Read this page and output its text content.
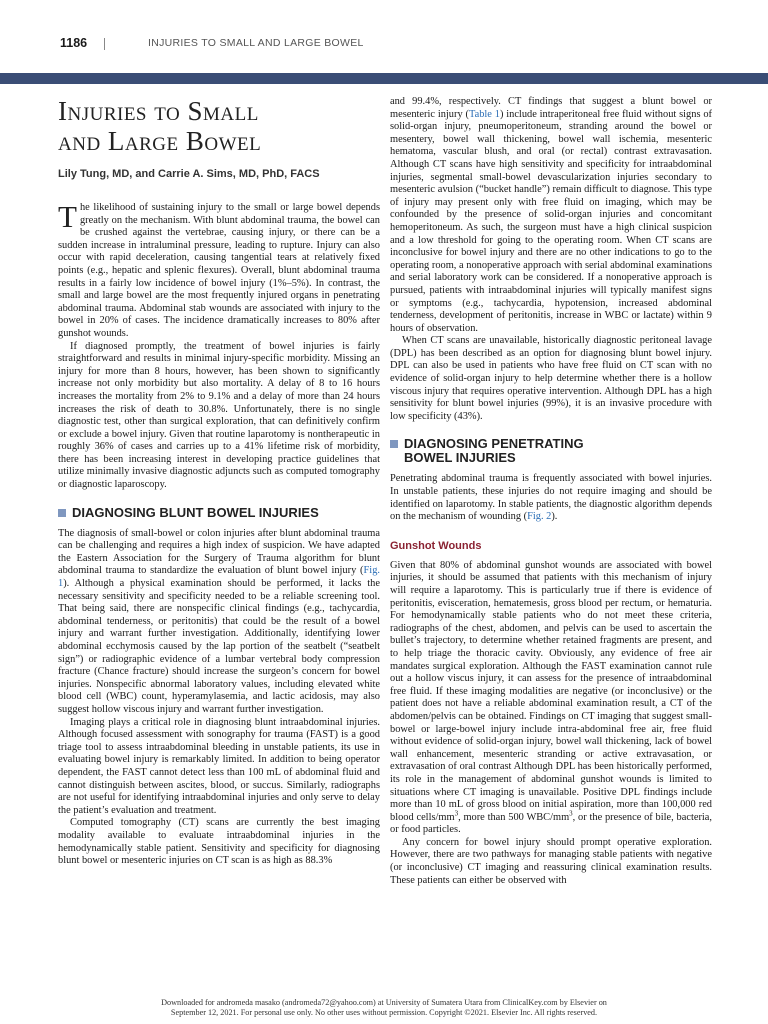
1186	INJURIES TO SMALL AND LARGE BOWEL
Injuries to Small
and Large Bowel
Lily Tung, MD, and Carrie A. Sims, MD, PhD, FACS

The likelihood of sustaining injury to the small or large bowel depends greatly on the mechanism. With blunt abdominal trauma, the bowel can be crushed against the vertebrae, causing injury, or there can be a sudden increase in intraluminal pressure, leading to rupture. Injury can also occur with rapid deceleration, causing tangential tears at relatively fixed points (e.g., hepatic and splenic flexures). Overall, blunt abdominal trauma results in a fairly low incidence of bowel injury (1%–5%). In contrast, the small and large bowel are the most frequently injured organs in penetrating abdominal trauma. Abdominal stab wounds are associated with injury to the bowel in 20% of cases. The incidence dramatically increases to 80% after gunshot wounds.

If diagnosed promptly, the treatment of bowel injuries is fairly straightforward and results in minimal injury-specific morbidity. Missing an injury for more than 8 hours, however, has been shown to significantly increase not only morbidity but also mortality. A delay of 8 to 16 hours increases the mortality from 2% to 9.1% and a delay of more than 24 hours increases the risk of death to 30.8%. Unfortunately, there is no single diagnostic test, other than surgical exploration, that can definitively confirm or exclude a bowel injury. Given that routine laparotomy is nontherapeutic in roughly 36% of cases and carries up to a 41% lifetime risk of morbidity, there has been increasing interest in developing practice guidelines that utilize minimally invasive diagnostic adjuncts such as computed tomography or diagnostic laparoscopy.

DIAGNOSING BLUNT BOWEL INJURIES

The diagnosis of small-bowel or colon injuries after blunt abdominal trauma can be challenging and requires a high index of suspicion. We have adapted the Eastern Association for the Surgery of Trauma algorithm for blunt abdominal trauma to standardize the evaluation of blunt bowel injury (Fig. 1). Although a physical examination should be performed, it lacks the necessary sensitivity and specificity needed to be a reliable screening tool. That being said, there are nonspecific clinical findings (e.g., tachycardia, abdominal tenderness, or peritonitis) that could be the result of a bowel injury and warrant further investigation. Additionally, identifying lower abdominal ecchymosis caused by the lap portion of the seatbelt (“seatbelt sign”) or radiographic evidence of a lumbar vertebral body compression fracture (Chance fracture) should increase the surgeon’s concern for bowel injuries. Nonspecific abnormal laboratory values, including elevated white blood cell (WBC) count, hyperamylasemia, and lactic acidosis, may also suggest hollow viscous injury and warrant further investigation.

Imaging plays a critical role in diagnosing blunt intraabdominal injuries. Although focused assessment with sonography for trauma (FAST) is a good triage tool to assess intraabdominal bleeding in unstable patients, its use in evaluating bowel injury is remarkably limited. In addition to being operator dependent, the FAST cannot detect less than 100 mL of abdominal fluid and cannot distinguish between ascites, blood, or succus. Similarly, radiographs are not useful for identifying intraabdominal injuries and only serve to delay the patient’s evaluation and treatment.

Computed tomography (CT) scans are currently the best imaging modality available to evaluate intraabdominal injuries in the hemodynamically stable patient. Sensitivity and specificity for diagnosing blunt bowel or mesenteric injuries on CT scan is as high as 88.3%

and 99.4%, respectively. CT findings that suggest a blunt bowel or mesenteric injury (Table 1) include intraperitoneal free fluid without signs of solid-organ injury, pneumoperitoneum, stranding around the bowel or mesentery, bowel wall thickening, bowel wall ischemia, mesenteric hematoma, vascular blush, and oral (or rectal) contrast extravasation. Although CT scans have high sensitivity and specificity for intraabdominal injuries, segmental small-bowel devascularization injuries secondary to mesenteric avulsion (“bucket handle”) remain difficult to diagnose. This type of injury may present only with free fluid on imaging, which may be confounded by the presence of solid-organ injuries and concomitant hemoperitoneum. As such, the surgeon must have a high clinical suspicion and a low threshold for going to the operating room. When CT scans are inconclusive for bowel injury and there are no other indications to go to the operating room, a nonoperative approach with serial abdominal examinations and serial laboratory work can be considered. If a nonoperative approach is pursued, patients with intraabdominal injuries will typically manifest signs or symptoms (e.g., tachycardia, hypotension, increased abdominal tenderness, development of peritonitis, increase in WBC or lactate) within 9 hours of observation.

When CT scans are unavailable, historically diagnostic peritoneal lavage (DPL) has been described as an option for diagnosing blunt bowel injury. DPL can also be used in patients who have free fluid on CT scan with no evidence of solid-organ injury to help determine whether there is a hollow viscous injury that requires operative intervention. Although DPL has a high sensitivity for blunt bowel injuries (99%), it is an invasive procedure with low specificity (43%).

DIAGNOSING PENETRATING
BOWEL INJURIES

Penetrating abdominal trauma is frequently associated with bowel injuries. In unstable patients, these injuries do not require imaging and should be identified on laparotomy. In stable patients, the diagnostic algorithm depends on the mechanism of wounding (Fig. 2).

Gunshot Wounds

Given that 80% of abdominal gunshot wounds are associated with bowel injuries, it should be assumed that patients with this mechanism of injury will require a laparotomy. This is particularly true if there is evidence of peritonitis, evisceration, hematemesis, gross blood per rectum, or hematuria. For hemodynamically stable patients who do not meet these criteria, radiographs of the chest, abdomen, and pelvis can be used to ascertain the bullet’s trajectory, to determine whether retained fragments are present, and to help triage the thoracic cavity. Obviously, any evidence of free air mandates surgical exploration. Although the FAST examination cannot rule out a hollow viscus injury, it can assess for the presence of intraabdominal free fluid. If these imaging modalities are negative (or inconclusive) or the patient does not have a reliable abdominal examination result, a CT of the abdomen/pelvis can be obtained. Findings on CT imaging that suggest small-bowel or large-bowel injury include intra-abdominal free air, free fluid without evidence of solid-organ injury, bowel wall thickening, lack of bowel wall enhancement, mesenteric stranding or active extravasation, or extravasation of oral contrast Although DPL has been historically performed, its role in the management of abdominal gunshot wounds is limited to situations where CT imaging is unavailable. Positive DPL findings include more than 10 mL of gross blood on initial aspiration, more than 100,000 red blood cells/$mm^3$, more than 500 WBC/$mm^3$, or the presence of bile, bacteria, or food particles.

Any concern for bowel injury should prompt operative exploration. However, there are two pathways for managing stable patients with negative (or inconclusive) CT imaging and reassuring clinical examination results. These patients can either be observed with

Downloaded for andromeda masako (andromeda72@yahoo.com) at University of Sumatera Utara from ClinicalKey.com by Elsevier on
September 12, 2021. For personal use only. No other uses without permission. Copyright ©2021. Elsevier Inc. All rights reserved.
